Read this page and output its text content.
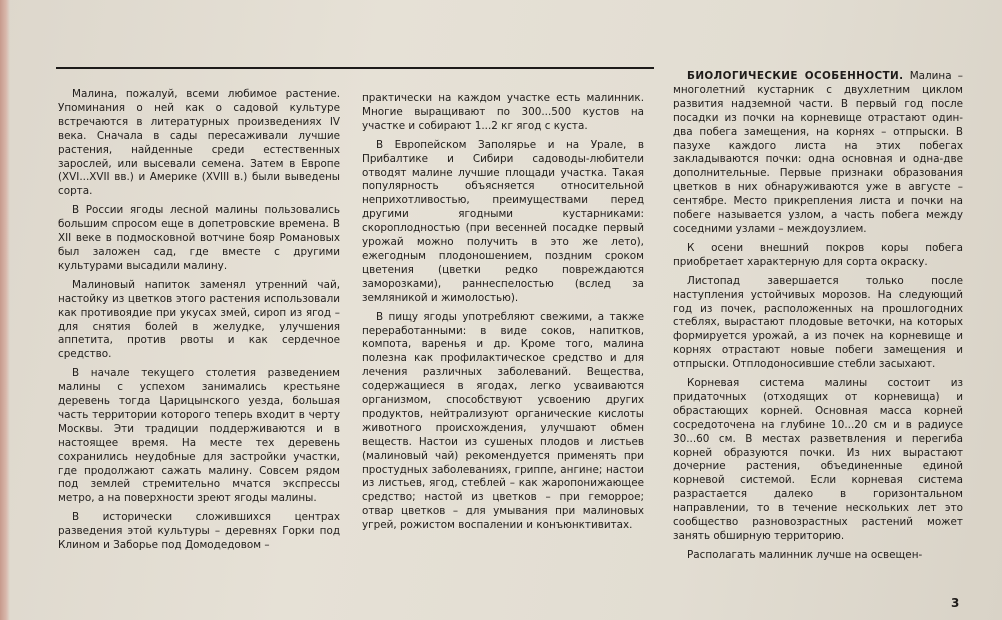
Малина, пожалуй, всеми любимое растение. Упоминания о ней как о садовой культуре встречаются в литературных произведениях IV века. Сначала в сады пересаживали лучшие растения, найденные среди естественных зарослей, или высевали семена. Затем в Европе (XVI...XVII вв.) и Америке (XVIII в.) были выведены сорта.

В России ягоды лесной малины пользовались большим спросом еще в допетровские времена. В XII веке в подмосковной вотчине бояр Романовых был заложен сад, где вместе с другими культурами высадили малину.

Малиновый напиток заменял утренний чай, настойку из цветков этого растения использовали как противоядие при укусах змей, сироп из ягод – для снятия болей в желудке, улучшения аппетита, против рвоты и как сердечное средство.

В начале текущего столетия разведением малины с успехом занимались крестьяне деревень тогда Царицынского уезда, большая часть территории которого теперь входит в черту Москвы. Эти традиции поддерживаются и в настоящее время. На месте тех деревень сохранились неудобные для застройки участки, где продолжают сажать малину. Совсем рядом под землей стремительно мчатся экспрессы метро, а на поверхности зреют ягоды малины.

В исторически сложившихся центрах разведения этой культуры – деревнях Горки под Клином и Заборье под Домодедовом –

практически на каждом участке есть малинник. Многие выращивают по 300...500 кустов на участке и собирают 1...2 кг ягод с куста.

В Европейском Заполярье и на Урале, в Прибалтике и Сибири садоводы-любители отводят малине лучшие площади участка. Такая популярность объясняется относительной неприхотливостью, преимуществами перед другими ягодными кустарниками: скороплодностью (при весенней посадке первый урожай можно получить в это же лето), ежегодным плодоношением, поздним сроком цветения (цветки редко повреждаются заморозками), раннеспелостью (вслед за земляникой и жимолостью).

В пищу ягоды употребляют свежими, а также переработанными: в виде соков, напитков, компота, варенья и др. Кроме того, малина полезна как профилактическое средство и для лечения различных заболеваний. Вещества, содержащиеся в ягодах, легко усваиваются организмом, способствуют усвоению других продуктов, нейтрализуют органические кислоты животного происхождения, улучшают обмен веществ. Настои из сушеных плодов и листьев (малиновый чай) рекомендуется применять при простудных заболеваниях, гриппе, ангине; настои из листьев, ягод, стеблей – как жаропонижающее средство; настой из цветков – при геморрое; отвар цветков – для умывания при малиновых угрей, рожистом воспалении и конъюнктивитах.

БИОЛОГИЧЕСКИЕ ОСОБЕННОСТИ. Малина – многолетний кустарник с двухлетним циклом развития надземной части. В первый год после посадки из почки на корневище отрастают один-два побега замещения, на корнях – отпрыски. В пазухе каждого листа на этих побегах закладываются почки: одна основная и одна-две дополнительные. Первые признаки образования цветков в них обнаруживаются уже в августе – сентябре. Место прикрепления листа и почки на побеге называется узлом, а часть побега между соседними узлами – междоузлием.

К осени внешний покров коры побега приобретает характерную для сорта окраску.

Листопад завершается только после наступления устойчивых морозов. На следующий год из почек, расположенных на прошлогодних стеблях, вырастают плодовые веточки, на которых формируется урожай, а из почек на корневище и корнях отрастают новые побеги замещения и отпрыски. Отплодоносившие стебли засыхают.

Корневая система малины состоит из придаточных (отходящих от корневища) и обрастающих корней. Основная масса корней сосредоточена на глубине 10...20 см и в радиусе 30...60 см. В местах разветвления и перегиба корней образуются почки. Из них вырастают дочерние растения, объединенные единой корневой системой. Если корневая система разрастается далеко в горизонтальном направлении, то в течение нескольких лет это сообщество разновозрастных растений может занять обширную территорию.

Располагать малинник лучше на освещен-

3
